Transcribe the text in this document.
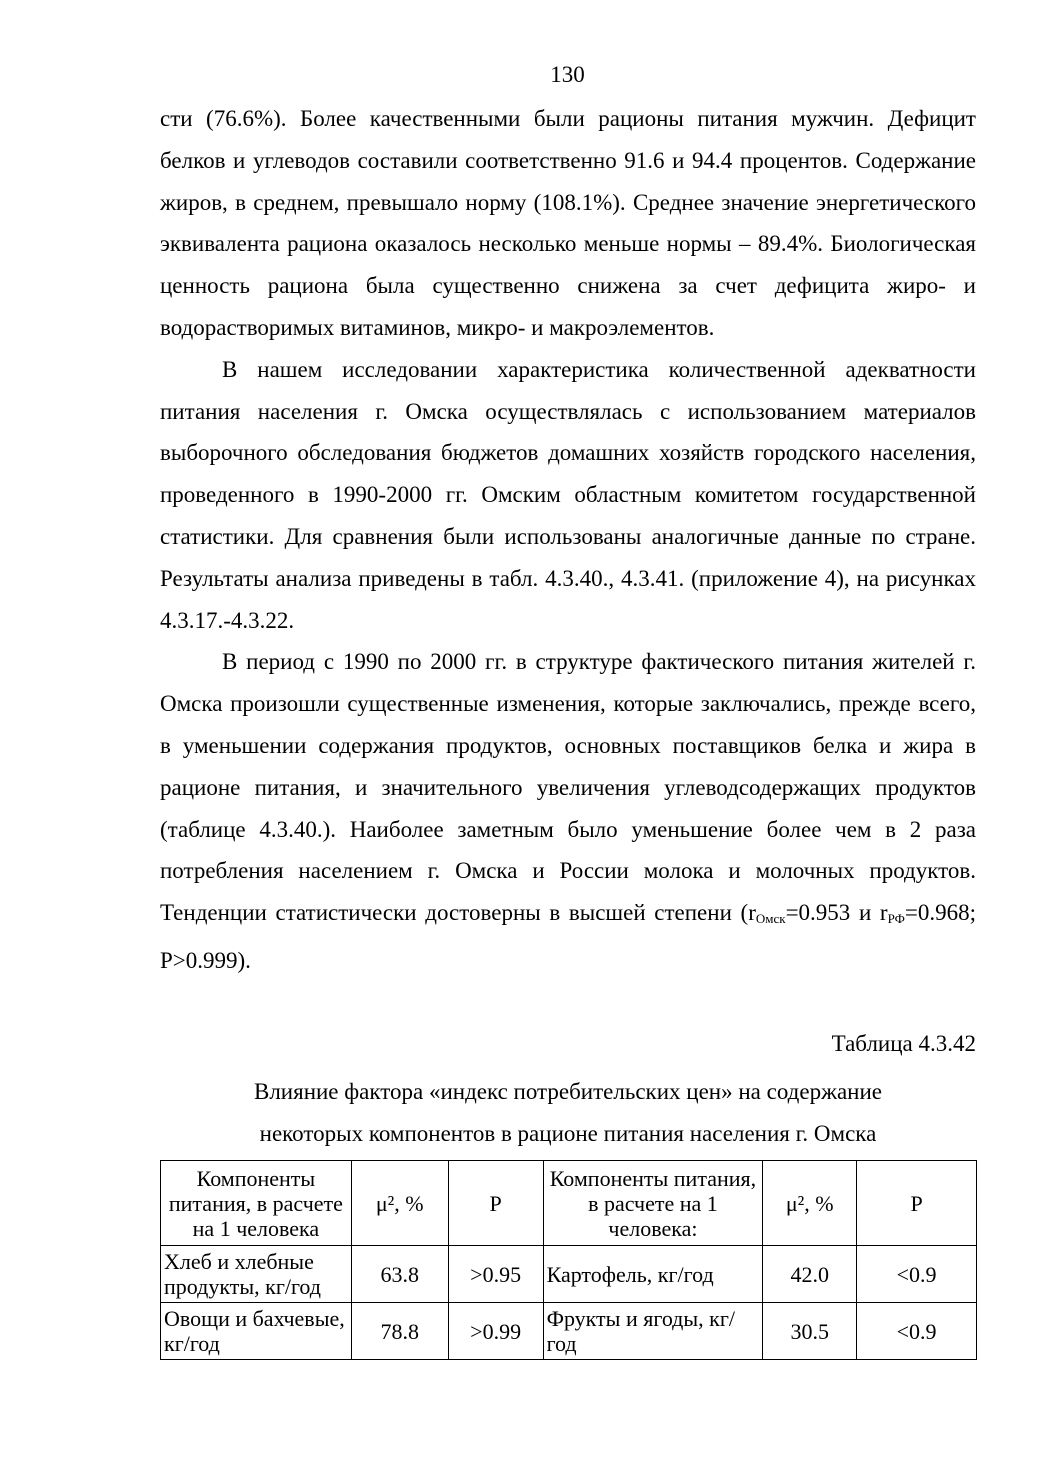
130

сти (76.6%). Более качественными были рационы питания мужчин. Дефицит белков и углеводов составили соответственно 91.6 и 94.4 процентов. Содержание жиров, в среднем, превышало норму (108.1%). Среднее значение энергетического эквивалента рациона оказалось несколько меньше нормы – 89.4%. Биологическая ценность рациона была существенно снижена за счет дефицита жиро- и водорастворимых витаминов, микро- и макроэлементов.

В нашем исследовании характеристика количественной адекватности питания населения г. Омска осуществлялась с использованием материалов выборочного обследования бюджетов домашних хозяйств городского населения, проведенного в 1990-2000 гг. Омским областным комитетом государственной статистики. Для сравнения были использованы аналогичные данные по стране. Результаты анализа приведены в табл. 4.3.40., 4.3.41. (приложение 4), на рисунках 4.3.17.-4.3.22.

В период с 1990 по 2000 гг. в структуре фактического питания жителей г. Омска произошли существенные изменения, которые заключались, прежде всего, в уменьшении содержания продуктов, основных поставщиков белка и жира в рационе питания, и значительного увеличения углеводсодержащих продуктов (таблице 4.3.40.). Наиболее заметным было уменьшение более чем в 2 раза потребления населением г. Омска и России молока и молочных продуктов. Тенденции статистически достоверны в высшей степени ($r_{Омск}=0.953$ и $r_{РФ}=0.968$; P>0.999).

Таблица 4.3.42
Влияние фактора «индекс потребительских цен» на содержание
некоторых компонентов в рационе питания населения г. Омска
Компоненты питания, в расчете на 1 человека	μ², %	P	Компоненты питания, в расчете на 1 человека:	μ², %	P
Хлеб и хлебные продукты, кг/год	63.8	>0.95	Картофель, кг/год	42.0	<0.9
Овощи и бахчевые, кг/год	78.8	>0.99	Фрукты и ягоды, кг/год	30.5	<0.9
